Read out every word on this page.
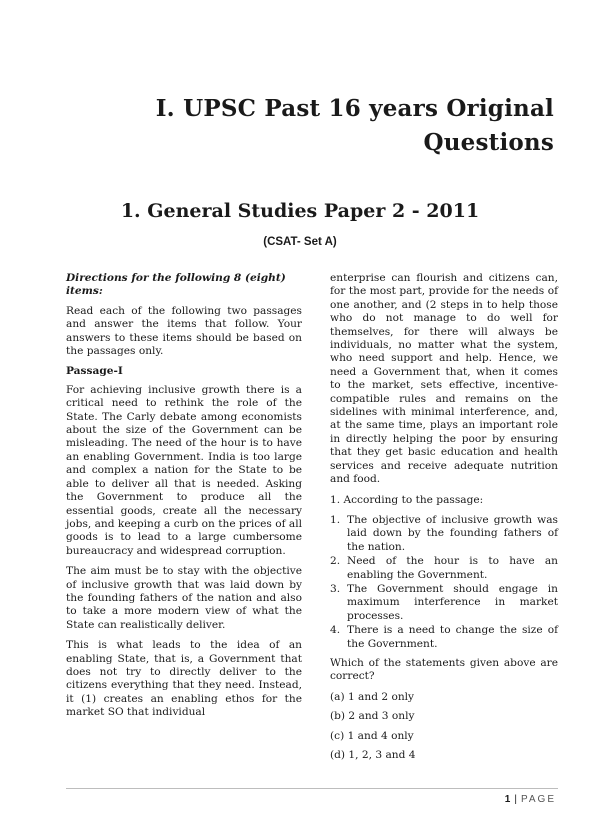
I. UPSC Past 16 years Original
Questions
1. General Studies Paper 2 - 2011
(CSAT- Set A)

Directions for the following 8 (eight) items:

Read each of the following two passages and answer the items that follow. Your answers to these items should be based on the passages only.

Passage-I

For achieving inclusive growth there is a critical need to rethink the role of the State. The Carly debate among economists about the size of the Government can be misleading. The need of the hour is to have an enabling Government. India is too large and complex a nation for the State to be able to deliver all that is needed. Asking the Government to produce all the essential goods, create all the necessary jobs, and keeping a curb on the prices of all goods is to lead to a large cumbersome bureaucracy and widespread corruption.

The aim must be to stay with the objective of inclusive growth that was laid down by the founding fathers of the nation and also to take a more modern view of what the State can realistically deliver.

This is what leads to the idea of an enabling State, that is, a Government that does not try to directly deliver to the citizens everything that they need. Instead, it (1) creates an enabling ethos for the market SO that individual

enterprise can flourish and citizens can, for the most part, provide for the needs of one another, and (2 steps in to help those who do not manage to do well for themselves, for there will always be individuals, no matter what the system, who need support and help. Hence, we need a Government that, when it comes to the market, sets effective, incentive-compatible rules and remains on the sidelines with minimal interference, and, at the same time, plays an important role in directly helping the poor by ensuring that they get basic education and health services and receive adequate nutrition and food.

1. According to the passage:

1. The objective of inclusive growth was laid down by the founding fathers of the nation.
2. Need of the hour is to have an enabling the Government.
3. The Government should engage in maximum interference in market processes.
4. There is a need to change the size of the Government.

Which of the statements given above are correct?

(a) 1 and 2 only
(b) 2 and 3 only
(c) 1 and 4 only
(d) 1, 2, 3 and 4
1 | PAGE
